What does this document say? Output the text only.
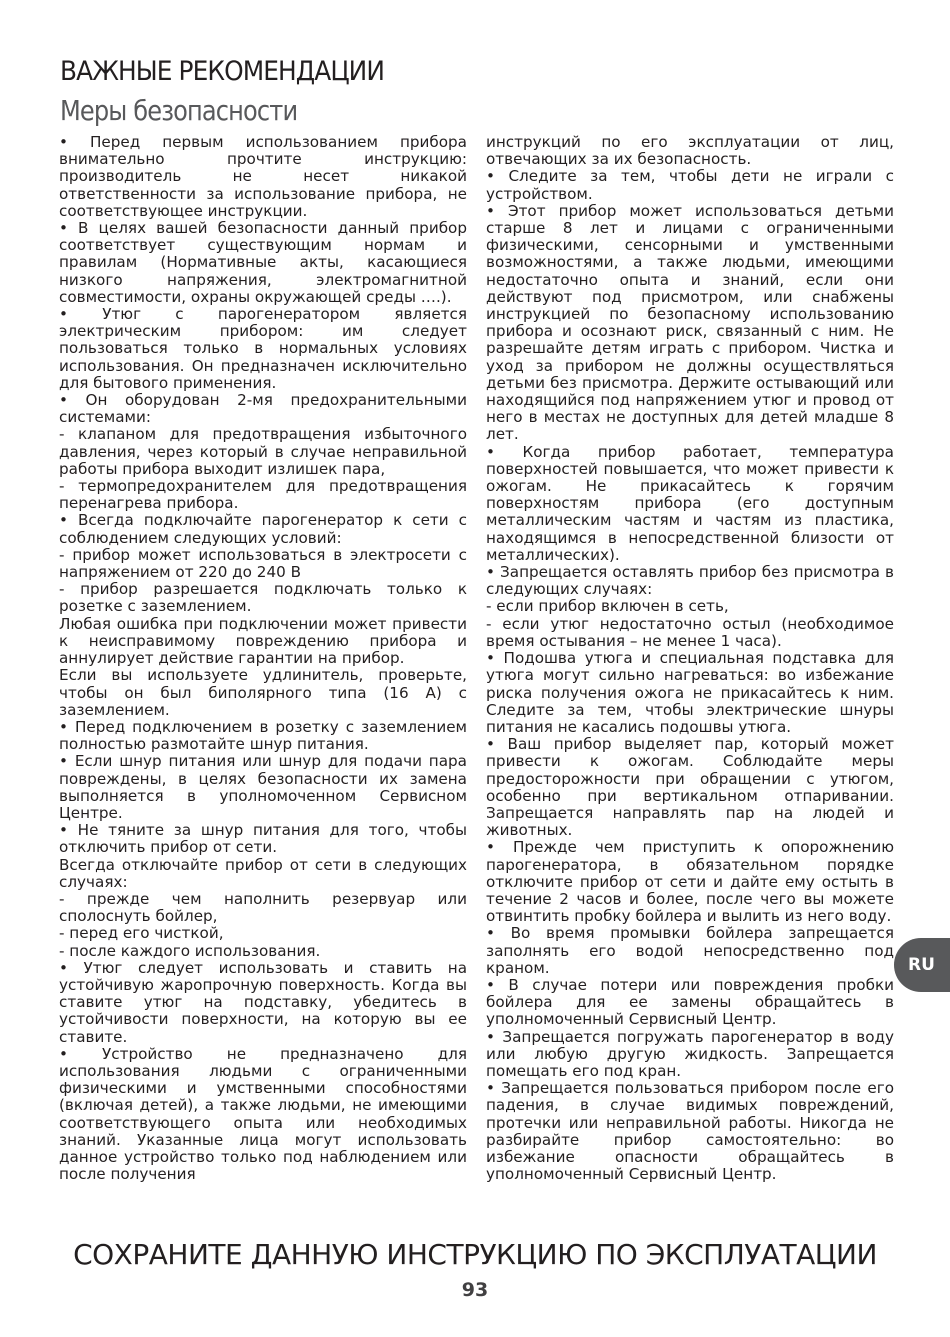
ВАЖНЫЕ РЕКОМЕНДАЦИИ
Меры безопасности

• Перед первым использованием прибора внимательно прочтите инструкцию: производитель не несет никакой ответственности за использование прибора, не соответствующее инструкции.

• В целях вашей безопасности данный прибор соответствует существующим нормам и правилам (Нормативные акты, касающиеся низкого напряжения, электромагнитной совместимости, охраны окружающей среды ….).

• Утюг с парогенератором является электрическим прибором: им следует пользоваться только в нормальных условиях использования. Он предназначен исключительно для бытового применения.

• Он оборудован 2-мя предохранительными системами:

- клапаном для предотвращения избыточного давления, через который в случае неправильной работы прибора выходит излишек пара,

- термопредохранителем для предотвращения перенагрева прибора.

• Всегда подключайте парогенератор к сети с соблюдением следующих условий:

- прибор может использоваться в электросети с напряжением от 220 до 240 В

- прибор разрешается подключать только к розетке с заземлением.

Любая ошибка при подключении может привести к неисправимому повреждению прибора и аннулирует действие гарантии на прибор.

Если вы используете удлинитель, проверьте, чтобы он был биполярного типа (16 A) с заземлением.

• Перед подключением в розетку с заземлением полностью размотайте шнур питания.

• Если шнур питания или шнур для подачи пара повреждены, в целях безопасности их замена выполняется в уполномоченном Сервисном Центре.

• Не тяните за шнур питания для того, чтобы отключить прибор от сети.

Всегда отключайте прибор от сети в следующих случаях:

- прежде чем наполнить резервуар или сполоснуть бойлер,

- перед его чисткой,

- после каждого использования.

• Утюг следует использовать и ставить на устойчивую жаропрочную поверхность. Когда вы ставите утюг на подставку, убедитесь в устойчивости поверхности, на которую вы ее ставите.

• Устройство не предназначено для использования людьми с ограниченными физическими и умственными способностями (включая детей), а также людьми, не имеющими соответствующего опыта или необходимых знаний. Указанные лица могут использовать данное устройство только под наблюдением или после получения

инструкций по его эксплуатации от лиц, отвечающих за их безопасность.

• Следите за тем, чтобы дети не играли с устройством.

• Этот прибор может использоваться детьми старше 8 лет и лицами с ограниченными физическими, сенсорными и умственными возможностями, а также людьми, имеющими недостаточно опыта и знаний, если они действуют под присмотром, или снабжены инструкцией по безопасному использованию прибора и осознают риск, связанный с ним. Не разрешайте детям играть с прибором. Чистка и уход за прибором не должны осуществляться детьми без присмотра. Держите остывающий или находящийся под напряжением утюг и провод от него в местах не доступных для детей младше 8 лет.

• Когда прибор работает, температура поверхностей повышается, что может привести к ожогам. Не прикасайтесь к горячим поверхностям прибора (его доступным металлическим частям и частям из пластика, находящимся в непосредственной близости от металлических).

• Запрещается оставлять прибор без присмотра в следующих случаях:

- если прибор включен в сеть,

- если утюг недостаточно остыл (необходимое время остывания – не менее 1 часа).

• Подошва утюга и специальная подставка для утюга могут сильно нагреваться: во избежание риска получения ожога не прикасайтесь к ним. Следите за тем, чтобы электрические шнуры питания не касались подошвы утюга.

• Ваш прибор выделяет пар, который может привести к ожогам. Соблюдайте меры предосторожности при обращении с утюгом, особенно при вертикальном отпаривании. Запрещается направлять пар на людей и животных.

• Прежде чем приступить к опорожнению парогенератора, в обязательном порядке отключите прибор от сети и дайте ему остыть в течение 2 часов и более, после чего вы можете отвинтить пробку бойлера и вылить из него воду.

• Во время промывки бойлера запрещается заполнять его водой непосредственно под краном.

• В случае потери или повреждения пробки бойлера для ее замены обращайтесь в уполномоченный Сервисный Центр.

• Запрещается погружать парогенератор в воду или любую другую жидкость. Запрещается помещать его под кран.

• Запрещается пользоваться прибором после его падения, в случае видимых повреждений, протечки или неправильной работы. Никогда не разбирайте прибор самостоятельно: во избежание опасности обращайтесь в уполномоченный Сервисный Центр.

RU
СОХРАНИТЕ ДАННУЮ ИНСТРУКЦИЮ ПО ЭКСПЛУАТАЦИИ
93
